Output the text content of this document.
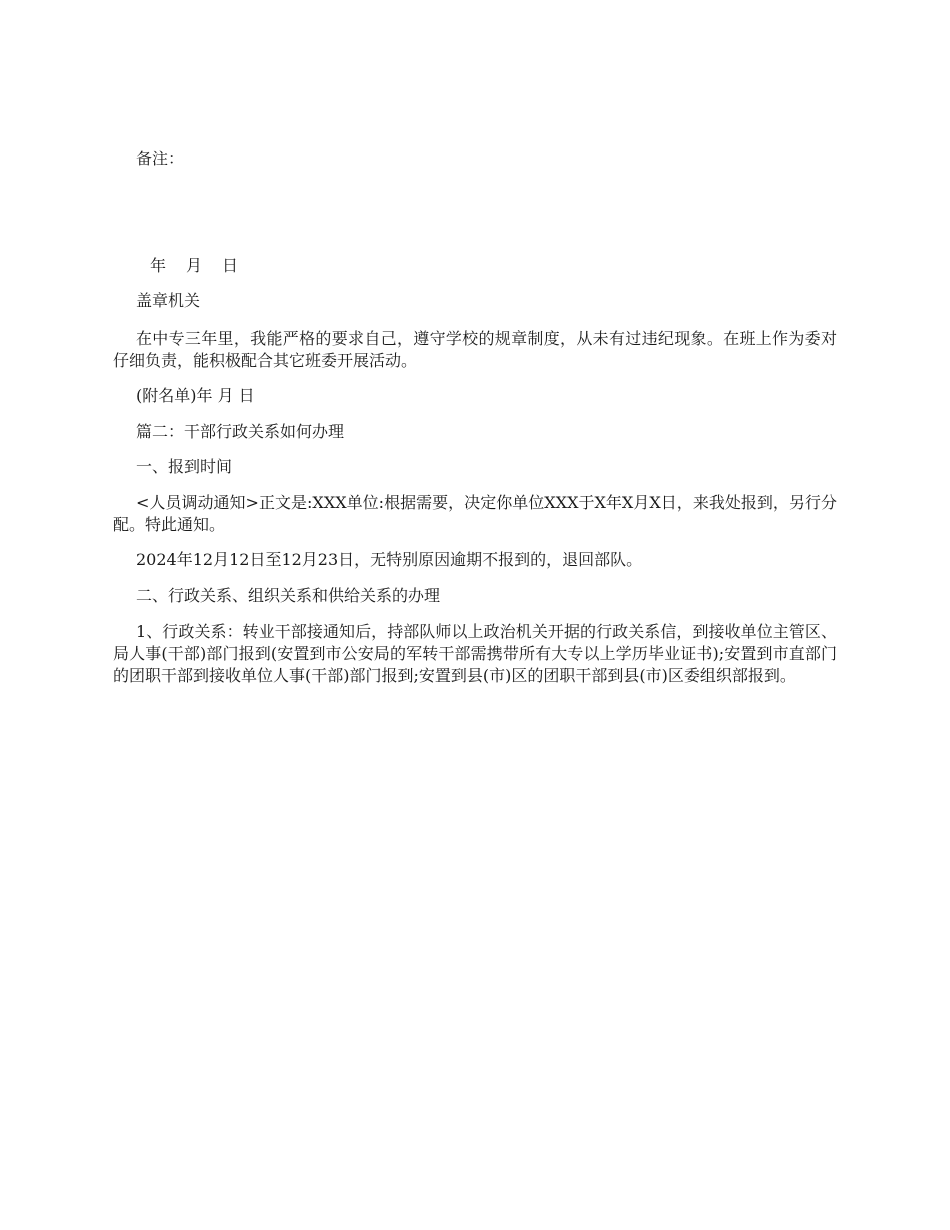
备注：

年 月 日

盖章机关

在中专三年里，我能严格的要求自己，遵守学校的规章制度，从未有过违纪现象。在班上作为委对仔细负责，能积极配合其它班委开展活动。

(附名单)年 月 日

篇二：干部行政关系如何办理

一、报到时间

<人员调动通知>正文是:XXX单位:根据需要，决定你单位XXX于X年X月X日，来我处报到，另行分配。特此通知。

2024年12月12日至12月23日，无特别原因逾期不报到的，退回部队。

二、行政关系、组织关系和供给关系的办理

1、行政关系：转业干部接通知后，持部队师以上政治机关开据的行政关系信，到接收单位主管区、局人事(干部)部门报到(安置到市公安局的军转干部需携带所有大专以上学历毕业证书);安置到市直部门的团职干部到接收单位人事(干部)部门报到;安置到县(市)区的团职干部到县(市)区委组织部报到。
